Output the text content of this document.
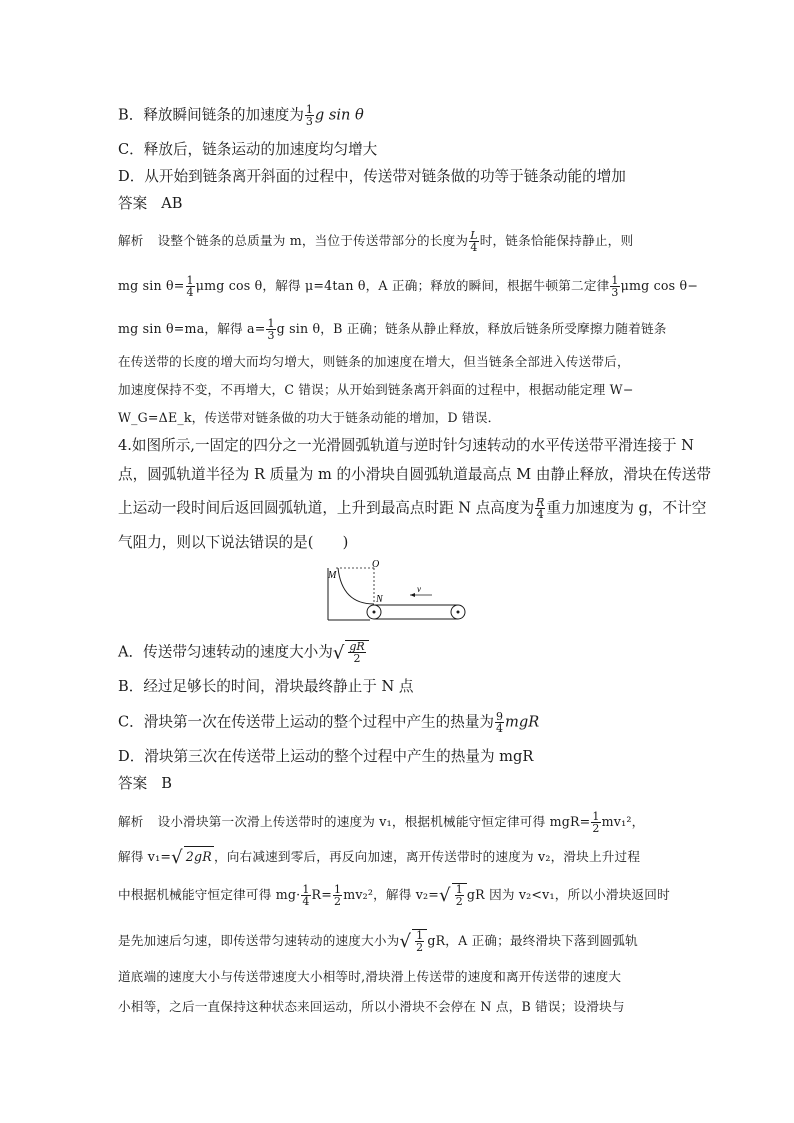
B．释放瞬间链条的加速度为 $\frac{1}{3}$ g sin θ
C．释放后，链条运动的加速度均匀增大
D．从开始到链条离开斜面的过程中，传送带对链条做的功等于链条动能的增加
答案 AB
解析 设整个链条的总质量为 m，当位于传送带部分的长度为 $\frac{L}{4}$ 时，链条恰能保持静止，则
mg $\sin \theta= \frac{1}{4}$ μmg cos θ，解得 μ=4tan θ，A 正确；释放的瞬间，根据牛顿第二定律 $\frac{1}{3}$ μmg cos θ−
mg sin θ=ma，解得 $a= \frac{1}{3}$ g sin θ，B 正确；链条从静止释放，释放后链条所受摩擦力随着链条
在传送带的长度的增大而均匀增大，则链条的加速度在增大，但当链条全部进入传送带后，
加速度保持不变，不再增大，C 错误；从开始到链条离开斜面的过程中，根据动能定理 W−
W_G=ΔE_k，传送带对链条做的功大于链条动能的增加，D 错误．
4.如图所示,一固定的四分之一光滑圆弧轨道与逆时针匀速转动的水平传送带平滑连接于 N
点，圆弧轨道半径为 R 质量为 m 的小滑块自圆弧轨道最高点 M 由静止释放，滑块在传送带
上运动一段时间后返回圆弧轨道，上升到最高点时距 N 点高度为 $\frac{R}{4}$ 重力加速度为 g，不计空
气阻力，则以下说法错误的是(　　)
M
O
N
v
A．传送带匀速转动的速度大小为√ $\frac{gR}{2}$
B．经过足够长的时间，滑块最终静止于 N 点
C．滑块第一次在传送带上运动的整个过程中产生的热量为 $\frac{9}{4}$ mgR
D．滑块第三次在传送带上运动的整个过程中产生的热量为 mgR
答案 B
解析 设小滑块第一次滑上传送带时的速度为 v₁，根据机械能守恒定律可得 $mgR= \frac{1}{2} mv_1^2$，
解得 v₁=√ 2gR ，向右减速到零后，再反向加速，离开传送带时的速度为 v₂，滑块上升过程
中根据机械能守恒定律可得 $mg\cdot \frac{1}{4} R= \frac{1}{2} mv_2^2$，解得 $v_2=√ \frac{1}{2}$ gR 因为 v₂<v₁，所以小滑块返回时
是先加速后匀速，即传送带匀速转动的速度大小为√ $\frac{1}{2}$ gR，A 正确；最终滑块下落到圆弧轨
道底端的速度大小与传送带速度大小相等时,滑块滑上传送带的速度和离开传送带的速度大
小相等，之后一直保持这种状态来回运动，所以小滑块不会停在 N 点，B 错误；设滑块与
